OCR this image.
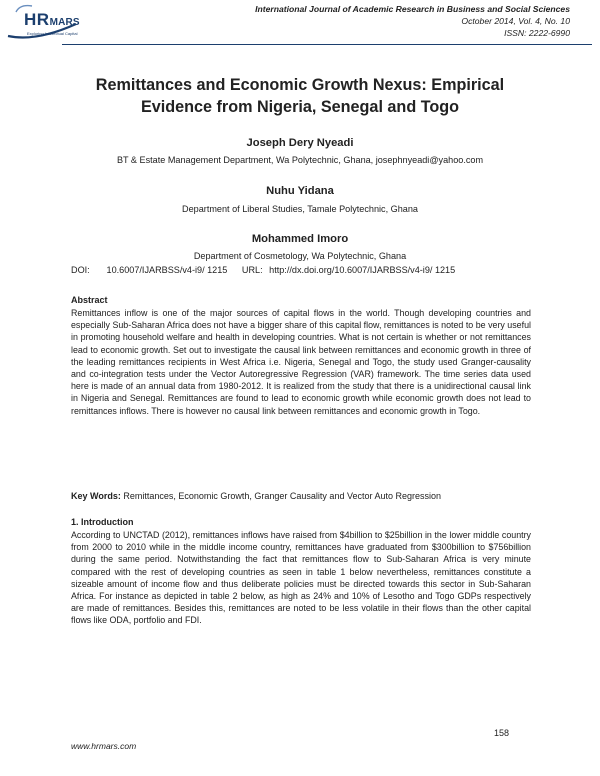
HRMARS
Exploring Intellectual Capital
International Journal of Academic Research in Business and Social Sciences
October 2014, Vol. 4, No. 10
ISSN: 2222-6990
Remittances and Economic Growth Nexus: Empirical
Evidence from Nigeria, Senegal and Togo
Joseph Dery Nyeadi
BT & Estate Management Department, Wa Polytechnic, Ghana, josephnyeadi@yahoo.com
Nuhu Yidana
Department of Liberal Studies, Tamale Polytechnic, Ghana
Mohammed Imoro
Department of Cosmetology, Wa Polytechnic, Ghana
DOI: 10.6007/IJARBSS/v4-i9/ 1215 URL: http://dx.doi.org/10.6007/IJARBSS/v4-i9/ 1215
Abstract
Remittances inflow is one of the major sources of capital flows in the world. Though developing countries and especially Sub-Saharan Africa does not have a bigger share of this capital flow, remittances is noted to be very useful in promoting household welfare and health in developing countries. What is not certain is whether or not remittances lead to economic growth. Set out to investigate the causal link between remittances and economic growth in three of the leading remittances recipients in West Africa i.e. Nigeria, Senegal and Togo, the study used Granger-causality and co-integration tests under the Vector Autoregressive Regression (VAR) framework. The time series data used here is made of an annual data from 1980-2012. It is realized from the study that there is a unidirectional causal link in Nigeria and Senegal. Remittances are found to lead to economic growth while economic growth does not lead to remittances inflows. There is however no causal link between remittances and economic growth in Togo.
Key Words: Remittances, Economic Growth, Granger Causality and Vector Auto Regression
1. Introduction
According to UNCTAD (2012), remittances inflows have raised from $4billion to $25billion in the lower middle country from 2000 to 2010 while in the middle income country, remittances have graduated from $300billion to $756billion during the same period. Notwithstanding the fact that remittances flow to Sub-Saharan Africa is very minute compared with the rest of developing countries as seen in table 1 below nevertheless, remittances constitute a sizeable amount of income flow and thus deliberate policies must be directed towards this sector in Sub-Saharan Africa. For instance as depicted in table 2 below, as high as 24% and 10% of Lesotho and Togo GDPs respectively are made of remittances. Besides this, remittances are noted to be less volatile in their flows than the other capital flows like ODA, portfolio and FDI.
158
www.hrmars.com
